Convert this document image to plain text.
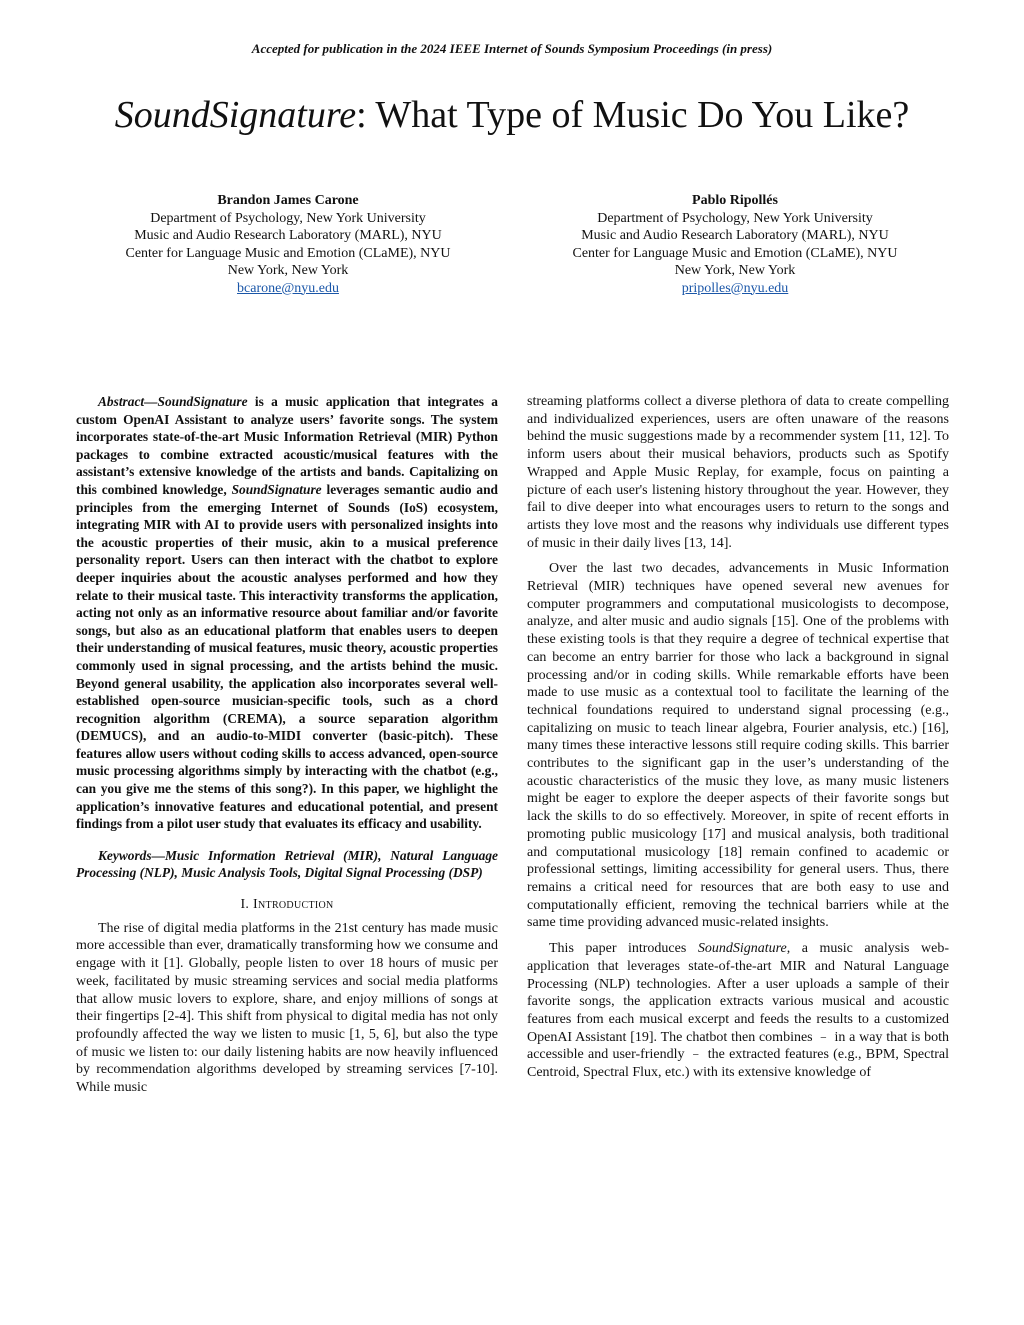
Accepted for publication in the 2024 IEEE Internet of Sounds Symposium Proceedings (in press)
SoundSignature: What Type of Music Do You Like?
Brandon James Carone
Department of Psychology, New York University
Music and Audio Research Laboratory (MARL), NYU
Center for Language Music and Emotion (CLaME), NYU
New York, New York
bcarone@nyu.edu
Pablo Ripollés
Department of Psychology, New York University
Music and Audio Research Laboratory (MARL), NYU
Center for Language Music and Emotion (CLaME), NYU
New York, New York
pripolles@nyu.edu

Abstract—SoundSignature is a music application that integrates a custom OpenAI Assistant to analyze users’ favorite songs. The system incorporates state-of-the-art Music Information Retrieval (MIR) Python packages to combine extracted acoustic/musical features with the assistant’s extensive knowledge of the artists and bands. Capitalizing on this combined knowledge, SoundSignature leverages semantic audio and principles from the emerging Internet of Sounds (IoS) ecosystem, integrating MIR with AI to provide users with personalized insights into the acoustic properties of their music, akin to a musical preference personality report. Users can then interact with the chatbot to explore deeper inquiries about the acoustic analyses performed and how they relate to their musical taste. This interactivity transforms the application, acting not only as an informative resource about familiar and/or favorite songs, but also as an educational platform that enables users to deepen their understanding of musical features, music theory, acoustic properties commonly used in signal processing, and the artists behind the music. Beyond general usability, the application also incorporates several well-established open-source musician-specific tools, such as a chord recognition algorithm (CREMA), a source separation algorithm (DEMUCS), and an audio-to-MIDI converter (basic-pitch). These features allow users without coding skills to access advanced, open-source music processing algorithms simply by interacting with the chatbot (e.g., can you give me the stems of this song?). In this paper, we highlight the application’s innovative features and educational potential, and present findings from a pilot user study that evaluates its efficacy and usability.

Keywords—Music Information Retrieval (MIR), Natural Language Processing (NLP), Music Analysis Tools, Digital Signal Processing (DSP)

I. Introduction

The rise of digital media platforms in the 21st century has made music more accessible than ever, dramatically transforming how we consume and engage with it [1]. Globally, people listen to over 18 hours of music per week, facilitated by music streaming services and social media platforms that allow music lovers to explore, share, and enjoy millions of songs at their fingertips [2-4]. This shift from physical to digital media has not only profoundly affected the way we listen to music [1, 5, 6], but also the type of music we listen to: our daily listening habits are now heavily influenced by recommendation algorithms developed by streaming services [7-10]. While music

streaming platforms collect a diverse plethora of data to create compelling and individualized experiences, users are often unaware of the reasons behind the music suggestions made by a recommender system [11, 12]. To inform users about their musical behaviors, products such as Spotify Wrapped and Apple Music Replay, for example, focus on painting a picture of each user's listening history throughout the year. However, they fail to dive deeper into what encourages users to return to the songs and artists they love most and the reasons why individuals use different types of music in their daily lives [13, 14].

Over the last two decades, advancements in Music Information Retrieval (MIR) techniques have opened several new avenues for computer programmers and computational musicologists to decompose, analyze, and alter music and audio signals [15]. One of the problems with these existing tools is that they require a degree of technical expertise that can become an entry barrier for those who lack a background in signal processing and/or in coding skills. While remarkable efforts have been made to use music as a contextual tool to facilitate the learning of the technical foundations required to understand signal processing (e.g., capitalizing on music to teach linear algebra, Fourier analysis, etc.) [16], many times these interactive lessons still require coding skills. This barrier contributes to the significant gap in the user’s understanding of the acoustic characteristics of the music they love, as many music listeners might be eager to explore the deeper aspects of their favorite songs but lack the skills to do so effectively. Moreover, in spite of recent efforts in promoting public musicology [17] and musical analysis, both traditional and computational musicology [18] remain confined to academic or professional settings, limiting accessibility for general users. Thus, there remains a critical need for resources that are both easy to use and computationally efficient, removing the technical barriers while at the same time providing advanced music-related insights.

This paper introduces SoundSignature, a music analysis web-application that leverages state-of-the-art MIR and Natural Language Processing (NLP) technologies. After a user uploads a sample of their favorite songs, the application extracts various musical and acoustic features from each musical excerpt and feeds the results to a customized OpenAI Assistant [19]. The chatbot then combines ﹣ in a way that is both accessible and user-friendly ﹣ the extracted features (e.g., BPM, Spectral Centroid, Spectral Flux, etc.) with its extensive knowledge of
